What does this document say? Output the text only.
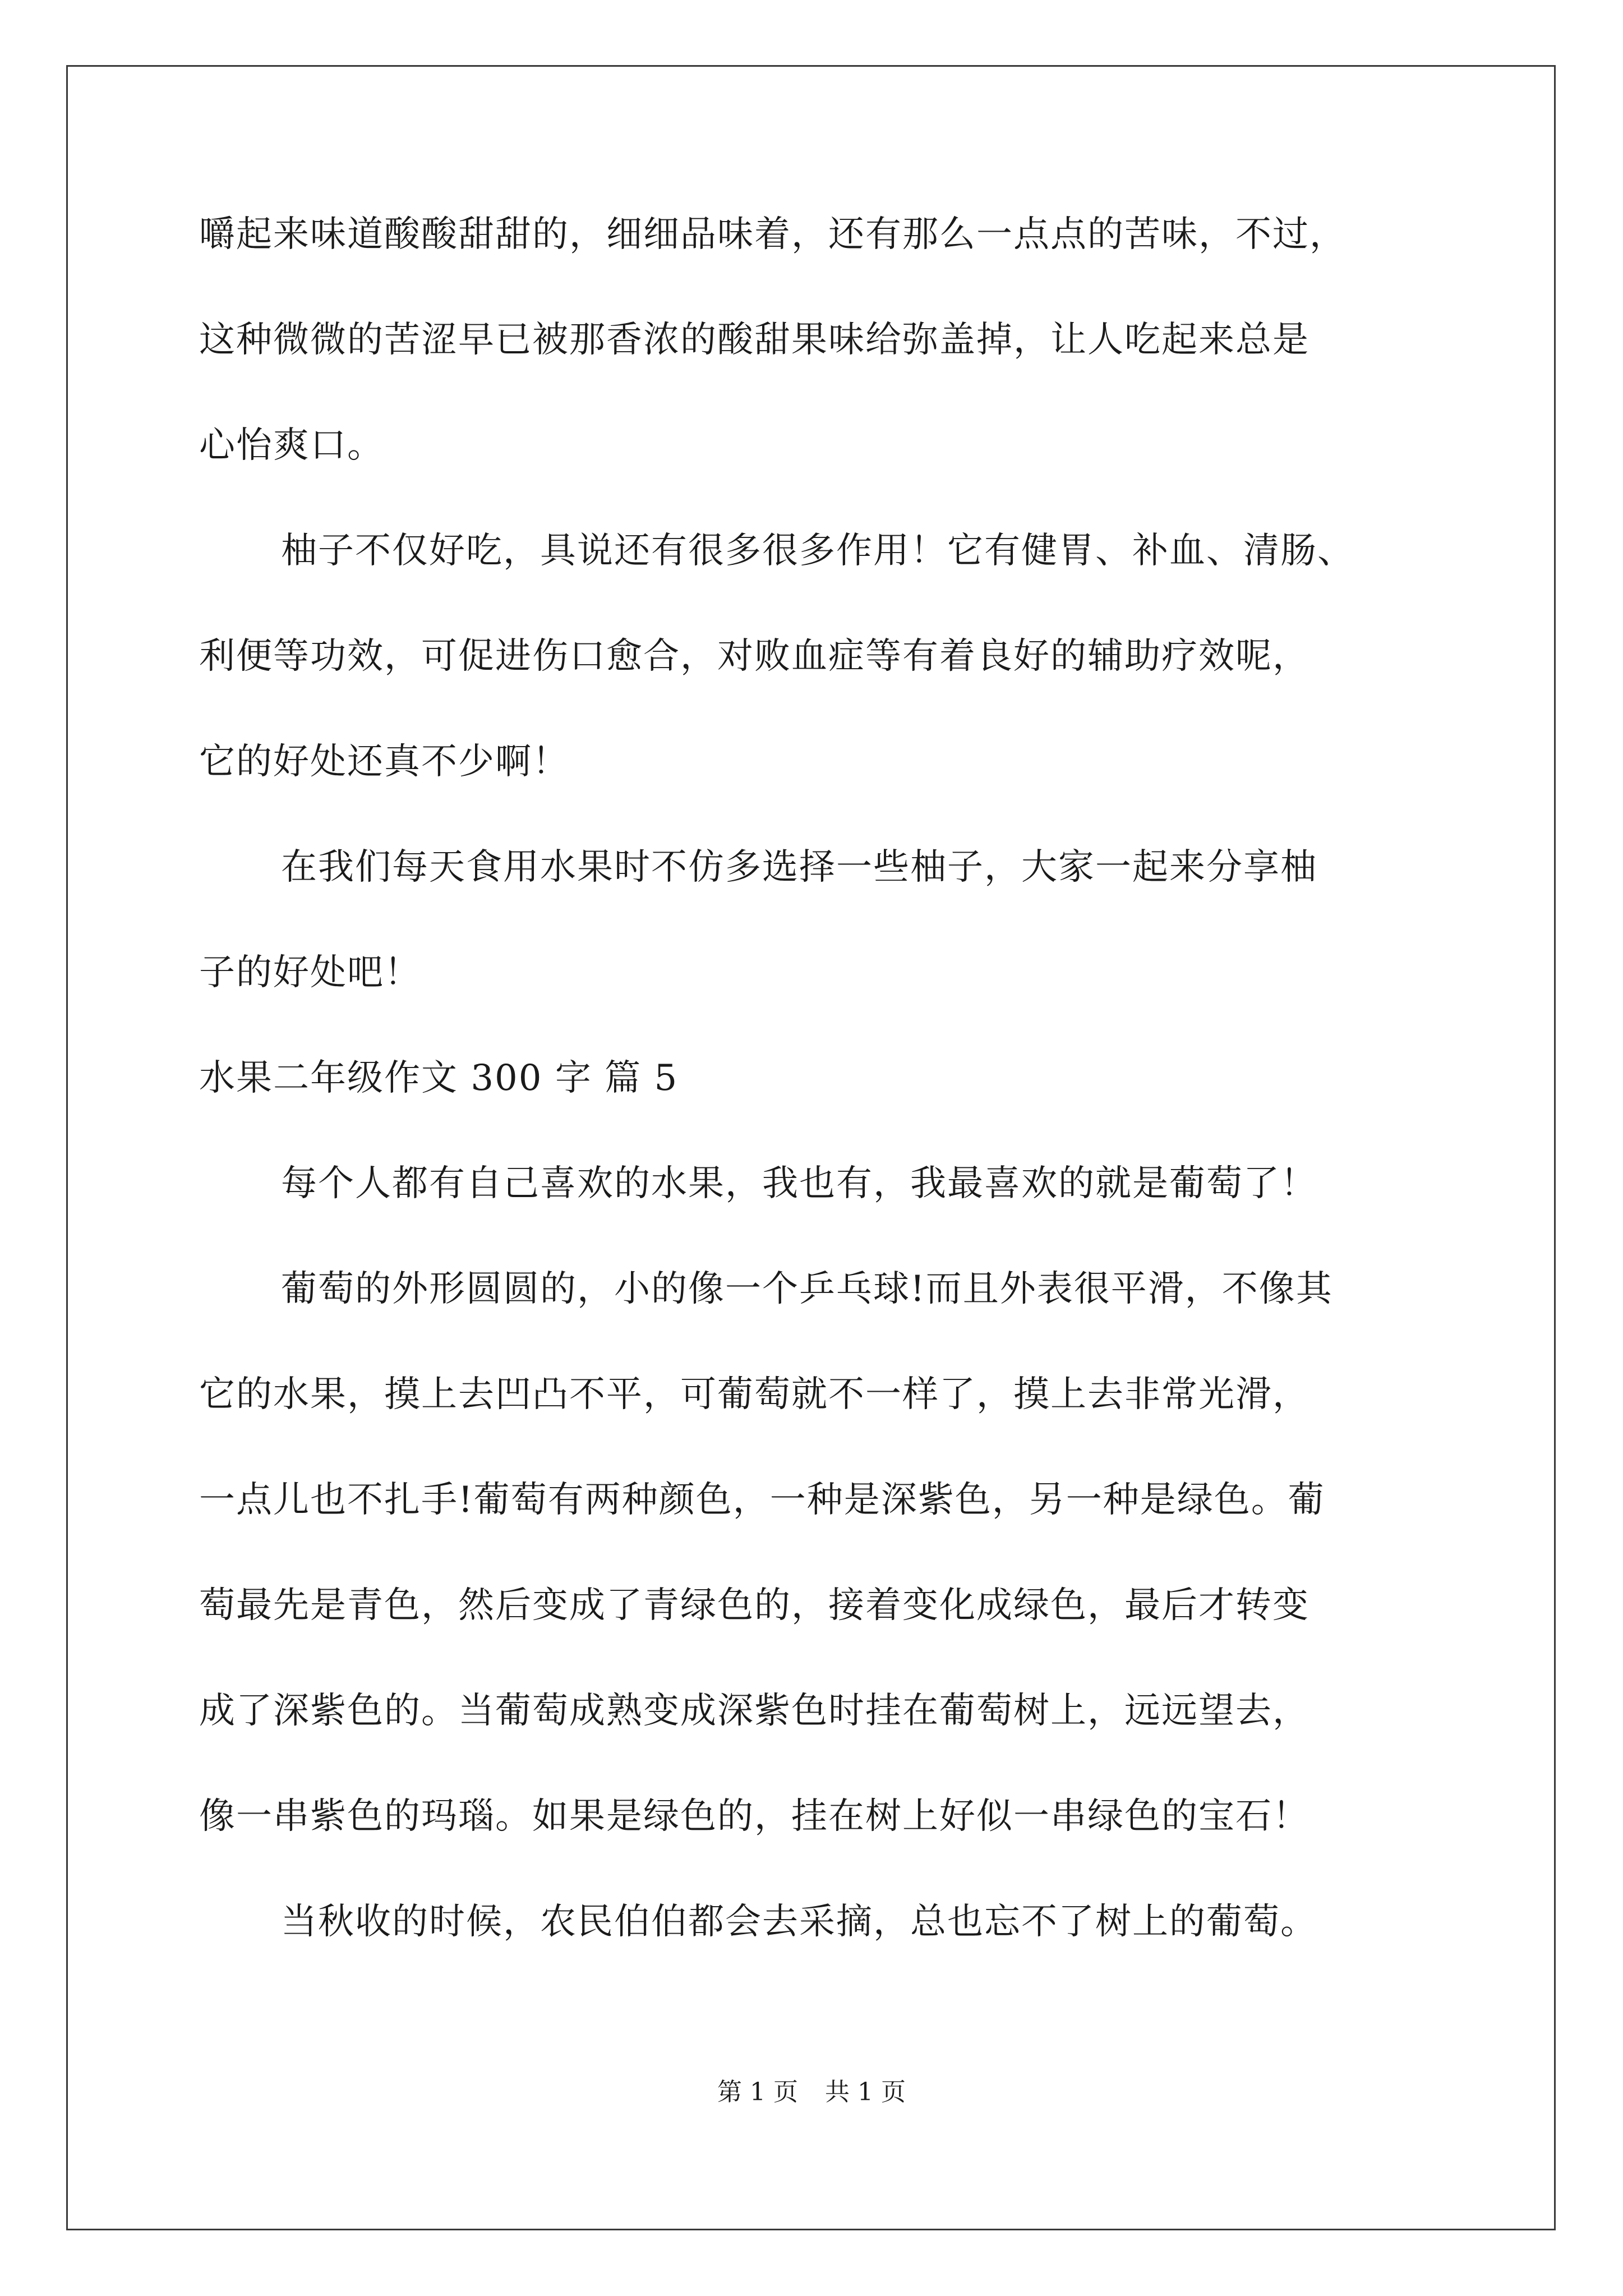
嚼起来味道酸酸甜甜的，细细品味着，还有那么一点点的苦味，不过，
这种微微的苦涩早已被那香浓的酸甜果味给弥盖掉，让人吃起来总是
心怡爽口。
柚子不仅好吃，具说还有很多很多作用！它有健胃、补血、清肠、
利便等功效，可促进伤口愈合，对败血症等有着良好的辅助疗效呢，
它的好处还真不少啊！
在我们每天食用水果时不仿多选择一些柚子，大家一起来分享柚
子的好处吧！
水果二年级作文 300 字 篇 5
每个人都有自己喜欢的水果，我也有，我最喜欢的就是葡萄了！
葡萄的外形圆圆的，小的像一个乒乓球!而且外表很平滑，不像其
它的水果，摸上去凹凸不平，可葡萄就不一样了，摸上去非常光滑，
一点儿也不扎手!葡萄有两种颜色，一种是深紫色，另一种是绿色。葡
萄最先是青色，然后变成了青绿色的，接着变化成绿色，最后才转变
成了深紫色的。当葡萄成熟变成深紫色时挂在葡萄树上，远远望去，
像一串紫色的玛瑙。如果是绿色的，挂在树上好似一串绿色的宝石！
当秋收的时候，农民伯伯都会去采摘，总也忘不了树上的葡萄。
第 1 页 共 1 页
